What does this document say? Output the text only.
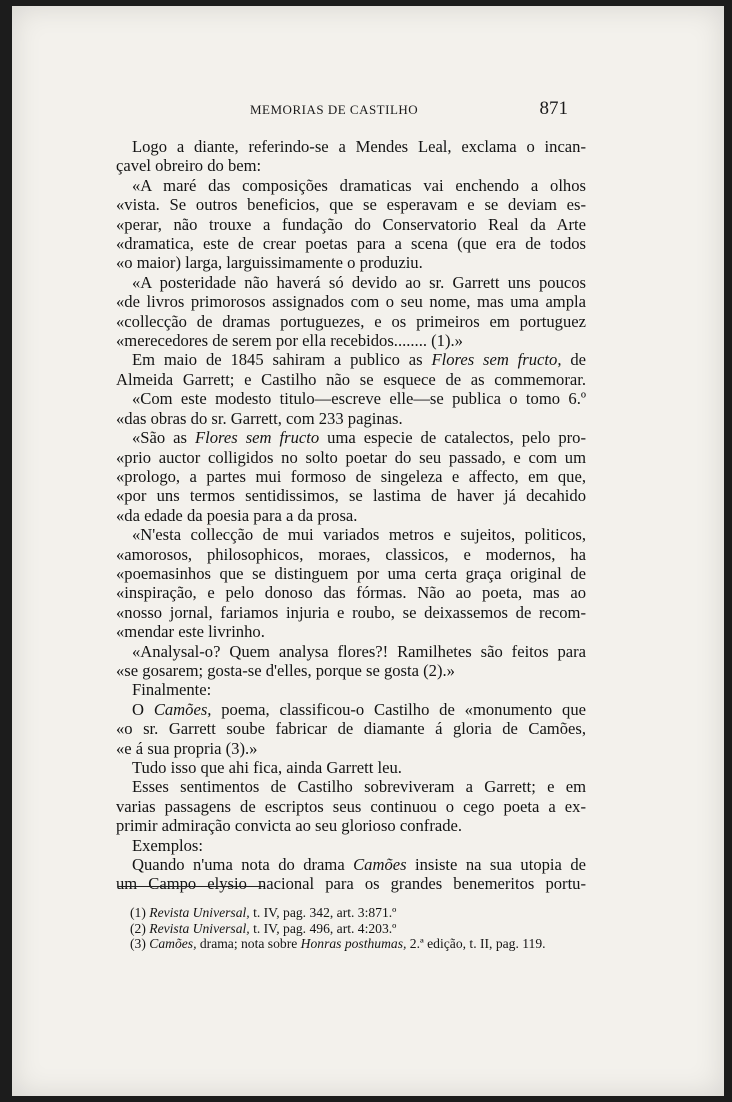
MEMORIAS DE CASTILHO	871
Logo a diante, referindo-se a Mendes Leal, exclama o incan-
çavel obreiro do bem:
«A maré das composições dramaticas vai enchendo a olhos
«vista. Se outros beneficios, que se esperavam e se deviam es-
«perar, não trouxe a fundação do Conservatorio Real da Arte
«dramatica, este de crear poetas para a scena (que era de todos
«o maior) larga, larguissimamente o produziu.
«A posteridade não haverá só devido ao sr. Garrett uns poucos
«de livros primorosos assignados com o seu nome, mas uma ampla
«collecção de dramas portuguezes, e os primeiros em portuguez
«merecedores de serem por ella recebidos........ (1).»
Em maio de 1845 sahiram a publico as Flores sem fructo, de
Almeida Garrett; e Castilho não se esquece de as commemorar.
«Com este modesto titulo—escreve elle—se publica o tomo 6.º
«das obras do sr. Garrett, com 233 paginas.
«São as Flores sem fructo uma especie de catalectos, pelo pro-
«prio auctor colligidos no solto poetar do seu passado, e com um
«prologo, a partes mui formoso de singeleza e affecto, em que,
«por uns termos sentidissimos, se lastima de haver já decahido
«da edade da poesia para a da prosa.
«N'esta collecção de mui variados metros e sujeitos, politicos,
«amorosos, philosophicos, moraes, classicos, e modernos, ha
«poemasinhos que se distinguem por uma certa graça original de
«inspiração, e pelo donoso das fórmas. Não ao poeta, mas ao
«nosso jornal, fariamos injuria e roubo, se deixassemos de recom-
«mendar este livrinho.
«Analysal-o? Quem analysa flores?! Ramilhetes são feitos para
«se gosarem; gosta-se d'elles, porque se gosta (2).»
Finalmente:
O Camões, poema, classificou-o Castilho de «monumento que
«o sr. Garrett soube fabricar de diamante á gloria de Camões,
«e á sua propria (3).»
Tudo isso que ahi fica, ainda Garrett leu.
Esses sentimentos de Castilho sobreviveram a Garrett; e em
varias passagens de escriptos seus continuou o cego poeta a ex-
primir admiração convicta ao seu glorioso confrade.
Exemplos:
Quando n'uma nota do drama Camões insiste na sua utopia de
um Campo elysio nacional para os grandes benemeritos portu-
(1) Revista Universal, t. IV, pag. 342, art. 3:871.º
(2) Revista Universal, t. IV, pag. 496, art. 4:203.º
(3) Camões, drama; nota sobre Honras posthumas, 2.ª edição, t. II, pag. 119.
